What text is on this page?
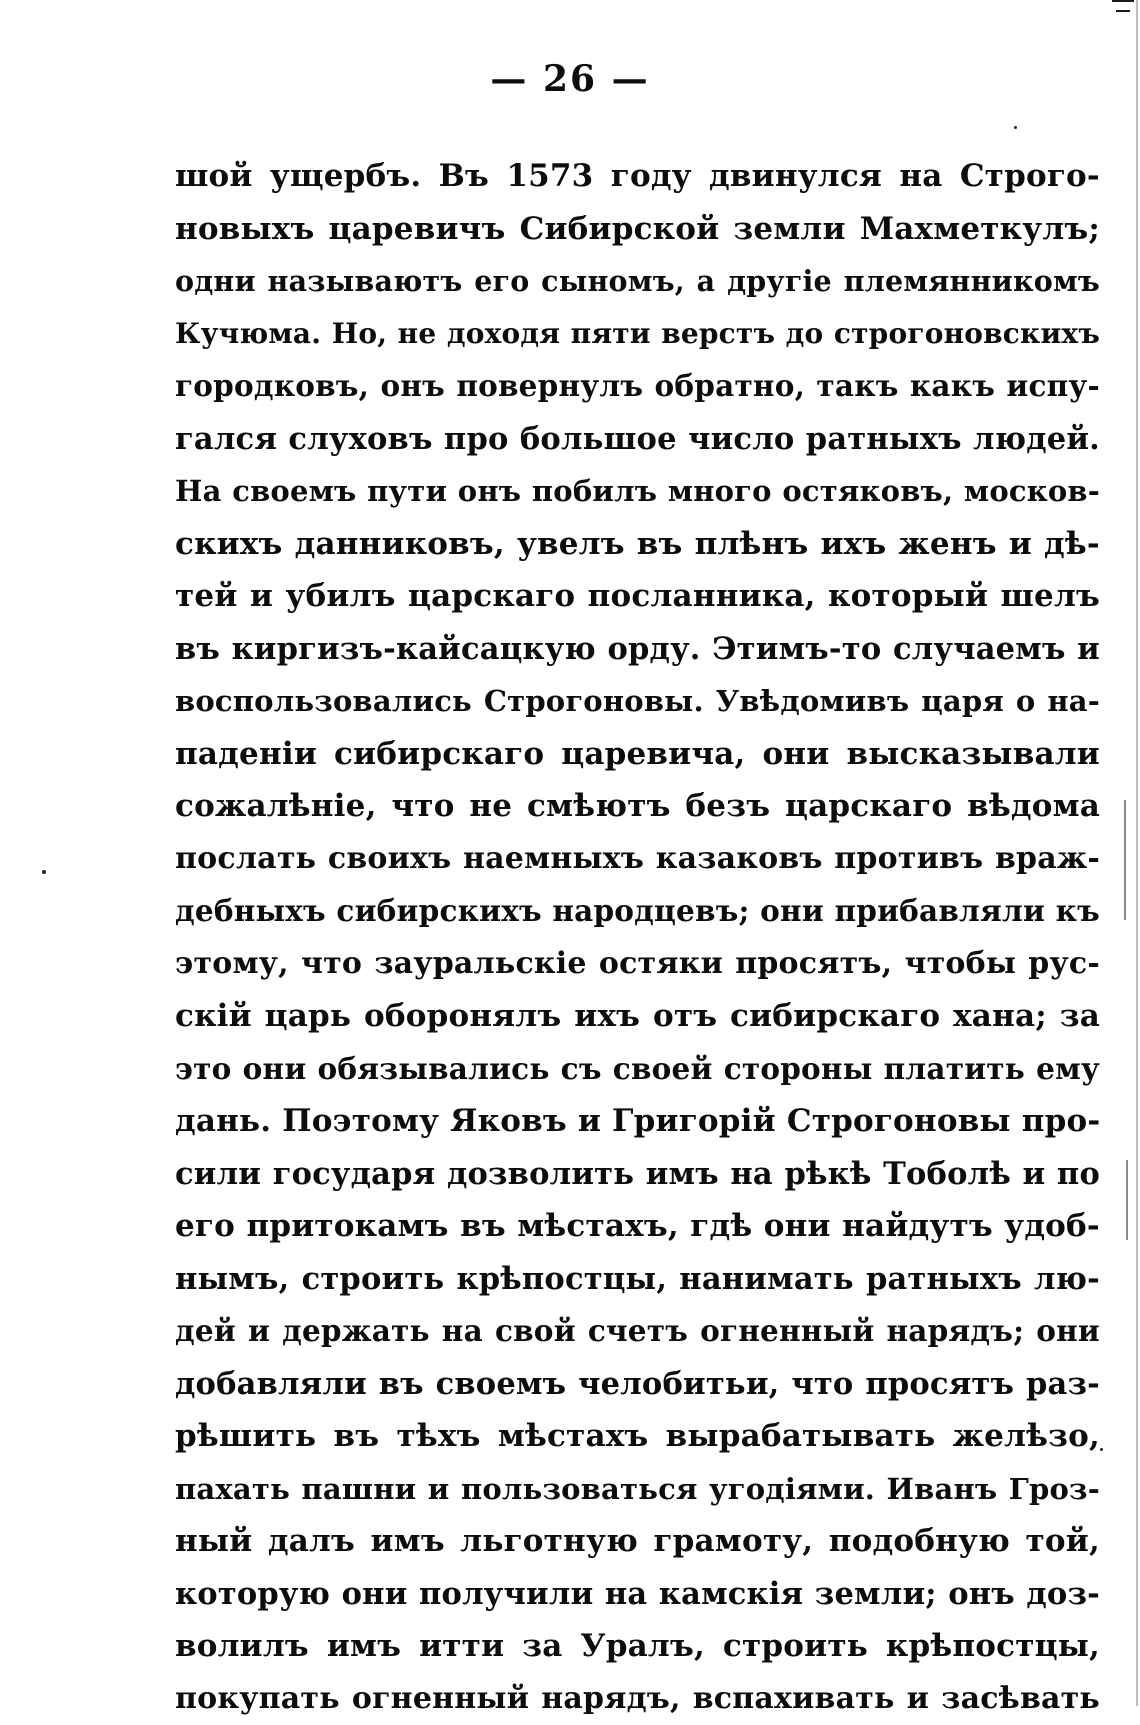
— 26 —
шой ущербъ. Въ 1573 году двинулся на Строго-
новыхъ царевичъ Сибирской земли Махметкулъ;
одни называютъ его сыномъ, а другіе племянникомъ
Кучюма. Но, не доходя пяти верстъ до строгоновскихъ
городковъ, онъ повернулъ обратно, такъ какъ испу-
гался слуховъ про большое число ратныхъ людей.
На своемъ пути онъ побилъ много остяковъ, москов-
скихъ данниковъ, увелъ въ плѣнъ ихъ женъ и дѣ-
тей и убилъ царскаго посланника, который шелъ
въ киргизъ-кайсацкую орду. Этимъ-то случаемъ и
воспользовались Строгоновы. Увѣдомивъ царя о на-
паденіи сибирскаго царевича, они высказывали
сожалѣніе, что не смѣютъ безъ царскаго вѣдома
послать своихъ наемныхъ казаковъ противъ враж-
дебныхъ сибирскихъ народцевъ; они прибавляли къ
этому, что зауральскіе остяки просятъ, чтобы рус-
скій царь оборонялъ ихъ отъ сибирскаго хана; за
это они обязывались съ своей стороны платить ему
дань. Поэтому Яковъ и Григорій Строгоновы про-
сили государя дозволить имъ на рѣкѣ Тоболѣ и по
его притокамъ въ мѣстахъ, гдѣ они найдутъ удоб-
нымъ, строить крѣпостцы, нанимать ратныхъ лю-
дей и держать на свой счетъ огненный нарядъ; они
добавляли въ своемъ челобитьи, что просятъ раз-
рѣшить въ тѣхъ мѣстахъ вырабатывать желѣзо,
пахать пашни и пользоваться угодіями. Иванъ Гроз-
ный далъ имъ льготную грамоту, подобную той,
которую они получили на камскія земли; онъ доз-
волилъ имъ итти за Уралъ, строить крѣпостцы,
покупать огненный нарядъ, вспахивать и засѣвать
